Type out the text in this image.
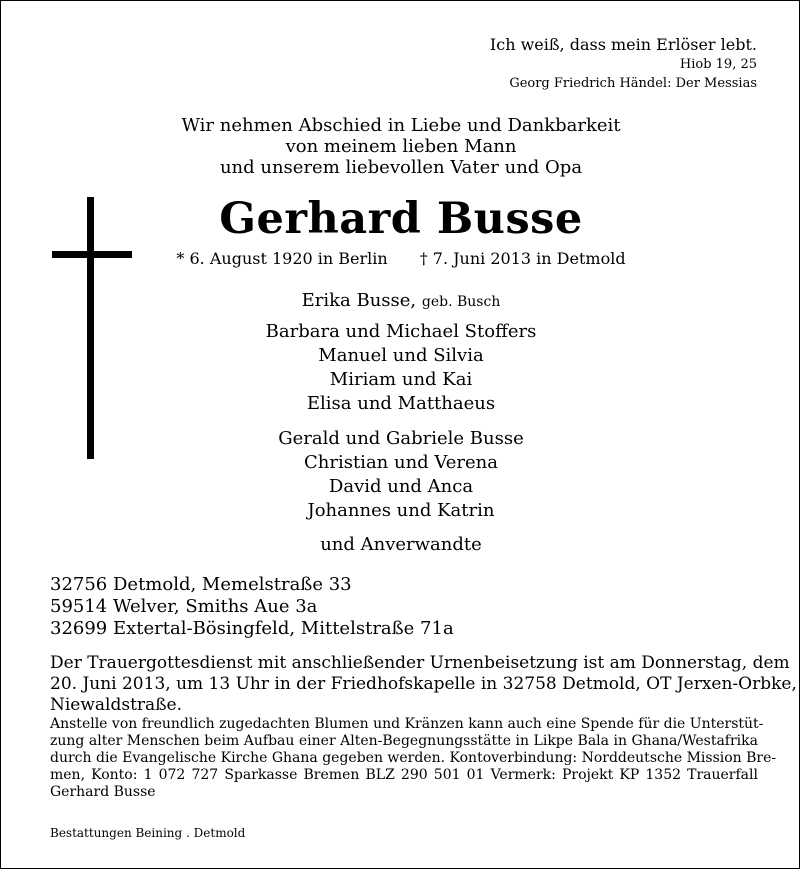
Ich weiß, dass mein Erlöser lebt.
Hiob 19, 25
Georg Friedrich Händel: Der Messias
Wir nehmen Abschied in Liebe und Dankbarkeit
von meinem lieben Mann
und unserem liebevollen Vater und Opa
Gerhard Busse
* 6. August 1920 in Berlin † 7. Juni 2013 in Detmold
Erika Busse, geb. Busch
Barbara und Michael Stoffers
Manuel und Silvia
Miriam und Kai
Elisa und Matthaeus
Gerald und Gabriele Busse
Christian und Verena
David und Anca
Johannes und Katrin
und Anverwandte
32756 Detmold, Memelstraße 33
59514 Welver, Smiths Aue 3a
32699 Extertal-Bösingfeld, Mittelstraße 71a
Der Trauergottesdienst mit anschließender Urnenbeisetzung ist am Donnerstag, dem
20. Juni 2013, um 13 Uhr in der Friedhofskapelle in 32758 Detmold, OT Jerxen-Orbke,
Niewaldstraße.
Anstelle von freundlich zugedachten Blumen und Kränzen kann auch eine Spende für die Unterstüt-
zung alter Menschen beim Aufbau einer Alten-Begegnungsstätte in Likpe Bala in Ghana/Westafrika
durch die Evangelische Kirche Ghana gegeben werden. Kontoverbindung: Norddeutsche Mission Bre-
men, Konto: 1 072 727 Sparkasse Bremen BLZ 290 501 01 Vermerk: Projekt KP 1352 Trauerfall
Gerhard Busse
Bestattungen Beining . Detmold
